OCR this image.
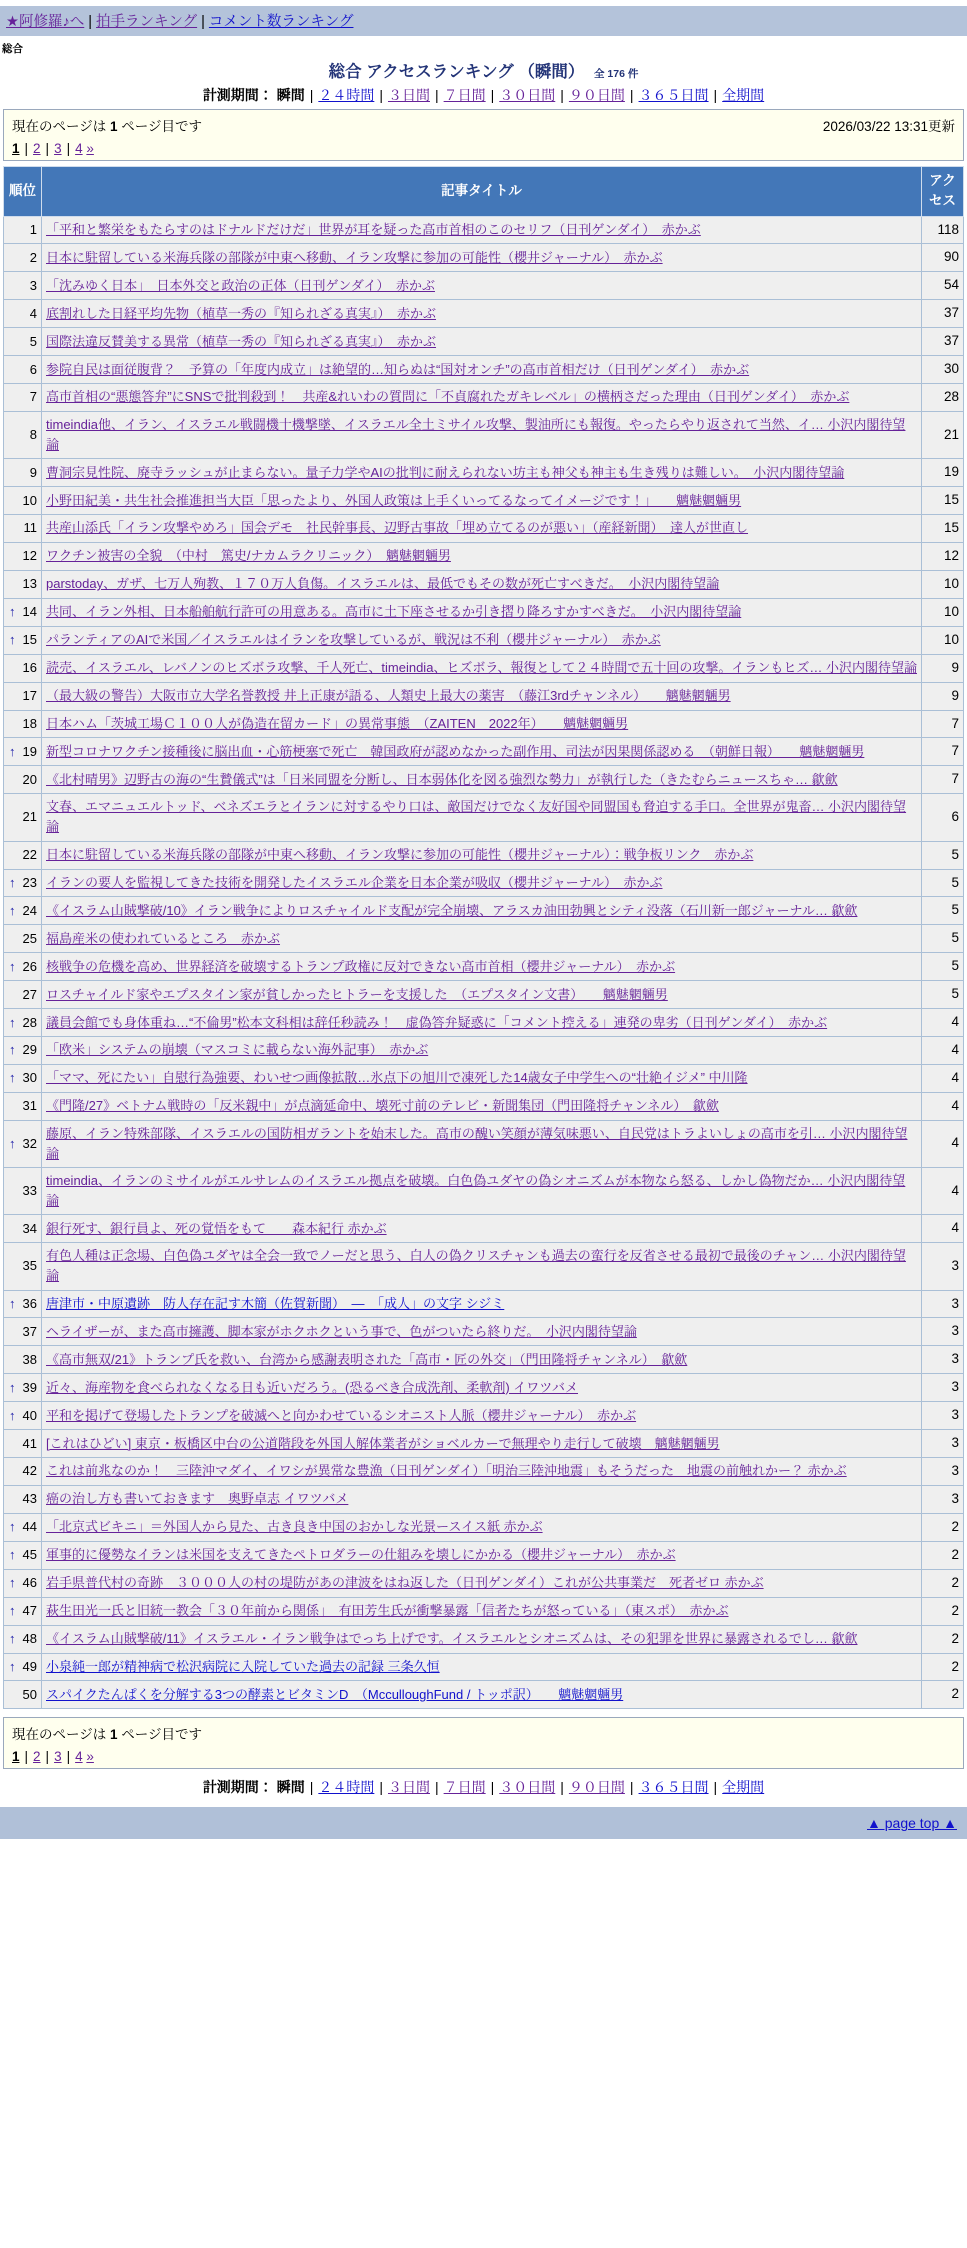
★阿修羅♪へ | 拍手ランキング | コメント数ランキング
総合
総合 アクセスランキング （瞬間） 全 176 件
計測期間： 瞬間 | ２４時間 | ３日間 | ７日間 | ３０日間 | ９０日間 | ３６５日間 | 全期間
現在のページは 1 ページ目です	2026/03/22 13:31更新
1 | 2 | 3 | 4 »
順位	記事タイトル	アクセス
1	「平和と繁栄をもたらすのはドナルドだけだ」世界が耳を疑った高市首相のこのセリフ（日刊ゲンダイ）　赤かぶ	118
2	日本に駐留している米海兵隊の部隊が中東へ移動、イラン攻撃に参加の可能性（櫻井ジャーナル）　赤かぶ	90
3	「沈みゆく日本」　日本外交と政治の正体（日刊ゲンダイ）　赤かぶ	54
4	底割れした日経平均先物（植草一秀の『知られざる真実』）　赤かぶ	37
5	国際法違反賛美する異常（植草一秀の『知られざる真実』）　赤かぶ	37
6	参院自民は面従腹背？　予算の「年度内成立」は絶望的…知らぬは“国対オンチ”の高市首相だけ（日刊ゲンダイ）　赤かぶ	30
7	高市首相の“悪態答弁”にSNSで批判殺到！　共産&れいわの質問に「不貞腐れたガキレベル」の横柄さだった理由（日刊ゲンダイ）　赤かぶ	28
8	timeindia他、イラン、イスラエル戦闘機十機撃墜、イスラエル全土ミサイル攻撃、製油所にも報復。やったらやり返されて当然、イ… 小沢内閣待望論	21
9	曹洞宗見性院、廃寺ラッシュが止まらない。量子力学やAIの批判に耐えられない坊主も神父も神主も生き残りは難しい。　小沢内閣待望論	19
10	小野田紀美・共生社会推進担当大臣「思ったより、外国人政策は上手くいってるなってイメージです！」　　魑魅魍魎男	15
11	共産山添氏「イラン攻撃やめろ」国会デモ　社民幹事長、辺野古事故「埋め立てるのが悪い」（産経新聞）　達人が世直し	15
12	ワクチン被害の全貌　（中村　篤史/ナカムラクリニック）　魑魅魍魎男	12
13	parstoday、ガザ、七万人殉教、１７０万人負傷。イスラエルは、最低でもその数が死亡すべきだ。　小沢内閣待望論	10

↑ 14	共同、イラン外相、日本船舶航行許可の用意ある。高市に土下座させるか引き摺り降ろすかすべきだ。　小沢内閣待望論	10

↑ 15	パランティアのAIで米国／イスラエルはイランを攻撃しているが、戦況は不利（櫻井ジャーナル）　赤かぶ	10
16	読売、イスラエル、レバノンのヒズボラ攻撃、千人死亡、timeindia、ヒズボラ、報復として２４時間で五十回の攻撃。イランもヒズ… 小沢内閣待望論	9
17	（最大級の警告）大阪市立大学名誉教授 井上正康が語る、人類史上最大の薬害　（藤江3rdチャンネル）　　魑魅魍魎男	9
18	日本ハム「茨城工場Ｃ１００人が偽造在留カード」の異常事態　（ZAITEN　2022年）　　魑魅魍魎男	7

↑ 19	新型コロナワクチン接種後に脳出血・心筋梗塞で死亡　韓国政府が認めなかった副作用、司法が因果関係認める　（朝鮮日報）　　魑魅魍魎男	7
20	《北村晴男》辺野古の海の“生贄儀式”は「日米同盟を分断し、日本弱体化を図る強烈な勢力」が執行した（きたむらニュースちゃ… 歙歛	7
21	文春、エマニュエルトッド、ベネズエラとイランに対するやり口は、敵国だけでなく友好国や同盟国も脅迫する手口。全世界が鬼畜… 小沢内閣待望論	6
22	日本に駐留している米海兵隊の部隊が中東へ移動、イラン攻撃に参加の可能性（櫻井ジャーナル）：戦争板リンク　赤かぶ	5

↑ 23	イランの要人を監視してきた技術を開発したイスラエル企業を日本企業が吸収（櫻井ジャーナル）　赤かぶ	5

↑ 24	《イスラム山賊撃破/10》イラン戦争によりロスチャイルド支配が完全崩壊、アラスカ油田勃興とシティ没落（石川新一郎ジャーナル… 歙歛	5
25	福島産米の使われているところ　赤かぶ	5

↑ 26	核戦争の危機を高め、世界経済を破壊するトランプ政権に反対できない高市首相（櫻井ジャーナル）　赤かぶ	5
27	ロスチャイルド家やエプスタイン家が貧しかったヒトラーを支援した　（エプスタイン文書）　　魑魅魍魎男	5

↑ 28	議員会館でも身体重ね…“不倫男”松本文科相は辞任秒読み！　虚偽答弁疑惑に「コメント控える」連発の卑劣（日刊ゲンダイ）　赤かぶ	4

↑ 29	「欧米」システムの崩壊（マスコミに載らない海外記事）　赤かぶ	4

↑ 30	「ママ、死にたい」自慰行為強要、わいせつ画像拡散…氷点下の旭川で凍死した14歳女子中学生への“壮絶イジメ” 中川隆	4
31	《門隆/27》ベトナム戦時の「反米親中」が点滴延命中、壊死寸前のテレビ・新聞集団（門田隆将チャンネル）　歙歛	4

↑ 32	藤原、イラン特殊部隊、イスラエルの国防相ガラントを始末した。高市の醜い笑顔が薄気味悪い、自民党はトラよいしょの高市を引… 小沢内閣待望論	4
33	timeindia、イランのミサイルがエルサレムのイスラエル拠点を破壊。白色偽ユダヤの偽シオニズムが本物なら怒る、しかし偽物だか… 小沢内閣待望論	4
34	銀行死す、銀行員よ、死の覚悟をもて　　森本紀行 赤かぶ	4
35	有色人種は正念場、白色偽ユダヤは全会一致でノーだと思う、白人の偽クリスチャンも過去の蛮行を反省させる最初で最後のチャン… 小沢内閣待望論	3

↑ 36	唐津市・中原遺跡　防人存在記す木簡（佐賀新聞）　―　「成人」の文字 シジミ	3
37	ヘライザーが、また高市擁護、脚本家がホクホクという事で、色がついたら終りだ。　小沢内閣待望論	3
38	《高市無双/21》トランプ氏を救い、台湾から感謝表明された「高市・匠の外交」（門田隆将チャンネル）　歙歛	3

↑ 39	近々、海産物を食べられなくなる日も近いだろう。(恐るべき合成洗剤、柔軟剤) イワツバメ	3

↑ 40	平和を掲げて登場したトランプを破滅へと向かわせているシオニスト人脈（櫻井ジャーナル）　赤かぶ	3
41	[これはひどい] 東京・板橋区中台の公道階段を外国人解体業者がショベルカーで無理やり走行して破壊　魑魅魍魎男	3
42	これは前兆なのか！　三陸沖マダイ、イワシが異常な豊漁（日刊ゲンダイ）「明治三陸沖地震」もそうだった　地震の前触れかー？ 赤かぶ	3
43	癌の治し方も書いておきます　奥野卓志 イワツバメ	3

↑ 44	「北京式ビキニ」＝外国人から見た、古き良き中国のおかしな光景ースイス紙 赤かぶ	2

↑ 45	軍事的に優勢なイランは米国を支えてきたペトロダラーの仕組みを壊しにかかる（櫻井ジャーナル）　赤かぶ	2

↑ 46	岩手県普代村の奇跡　３０００人の村の堤防があの津波をはね返した（日刊ゲンダイ）これが公共事業だ　死者ゼロ 赤かぶ	2

↑ 47	萩生田光一氏と旧統一教会「３０年前から関係」　有田芳生氏が衝撃暴露「信者たちが怒っている」（東スポ）　赤かぶ	2

↑ 48	《イスラム山賊撃破/11》イスラエル・イラン戦争はでっち上げです。イスラエルとシオニズムは、その犯罪を世界に暴露されるでし… 歙歛	2

↑ 49	小泉純一郎が精神病で松沢病院に入院していた過去の記録 三条久恒	2
50	スパイクたんぱくを分解する3つの酵素とビタミンD　（McculloughFund / トッポ訳）　　魑魅魍魎男	2
現在のページは 1 ページ目です
1 | 2 | 3 | 4 »
計測期間： 瞬間 | ２４時間 | ３日間 | ７日間 | ３０日間 | ９０日間 | ３６５日間 | 全期間
▲ page top ▲
